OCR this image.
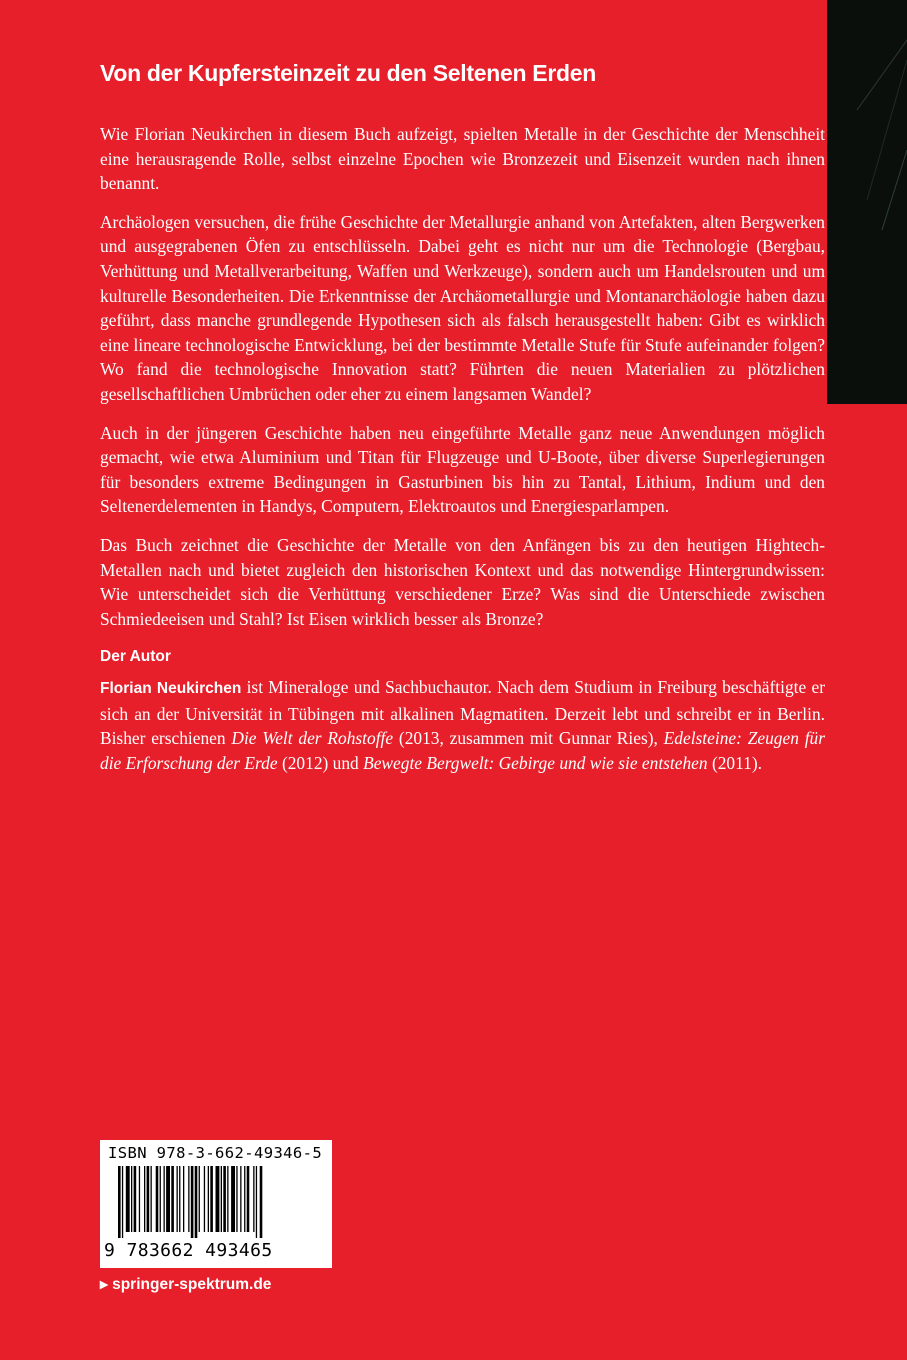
Von der Kupfersteinzeit zu den Seltenen Erden

Wie Florian Neukirchen in diesem Buch aufzeigt, spielten Metalle in der Geschichte der Menschheit eine herausragende Rolle, selbst einzelne Epochen wie Bronzezeit und Eisenzeit wurden nach ihnen benannt.

Archäologen versuchen, die frühe Geschichte der Metallurgie anhand von Artefakten, alten Bergwerken und ausgegrabenen Öfen zu entschlüsseln. Dabei geht es nicht nur um die Technologie (Bergbau, Verhüttung und Metallverarbeitung, Waffen und Werkzeuge), sondern auch um Handelsrouten und um kulturelle Besonderheiten. Die Erkenntnisse der Archäometallurgie und Montanarchäologie haben dazu geführt, dass manche grundlegende Hypothesen sich als falsch herausgestellt haben: Gibt es wirklich eine lineare technologische Entwicklung, bei der bestimmte Metalle Stufe für Stufe aufeinander folgen? Wo fand die technologische Innovation statt? Führten die neuen Materialien zu plötzlichen gesellschaftlichen Umbrüchen oder eher zu einem langsamen Wandel?

Auch in der jüngeren Geschichte haben neu eingeführte Metalle ganz neue Anwendungen möglich gemacht, wie etwa Aluminium und Titan für Flugzeuge und U-Boote, über diverse Superlegierungen für besonders extreme Bedingungen in Gasturbinen bis hin zu Tantal, Lithium, Indium und den Seltenerdelementen in Handys, Computern, Elektroautos und Energiesparlampen.

Das Buch zeichnet die Geschichte der Metalle von den Anfängen bis zu den heutigen Hightech-Metallen nach und bietet zugleich den historischen Kontext und das notwendige Hintergrundwissen: Wie unterscheidet sich die Verhüttung verschiedener Erze? Was sind die Unterschiede zwischen Schmiedeeisen und Stahl? Ist Eisen wirklich besser als Bronze?

Der Autor

Florian Neukirchen ist Mineraloge und Sachbuchautor. Nach dem Studium in Freiburg beschäftigte er sich an der Universität in Tübingen mit alkalinen Magmatiten. Derzeit lebt und schreibt er in Berlin. Bisher erschienen Die Welt der Rohstoffe (2013, zusammen mit Gunnar Ries), Edelsteine: Zeugen für die Erforschung der Erde (2012) und Bewegte Bergwelt: Gebirge und wie sie entstehen (2011).

ISBN 978-3-662-49346-5
9 783662 493465
▸ springer-spektrum.de
